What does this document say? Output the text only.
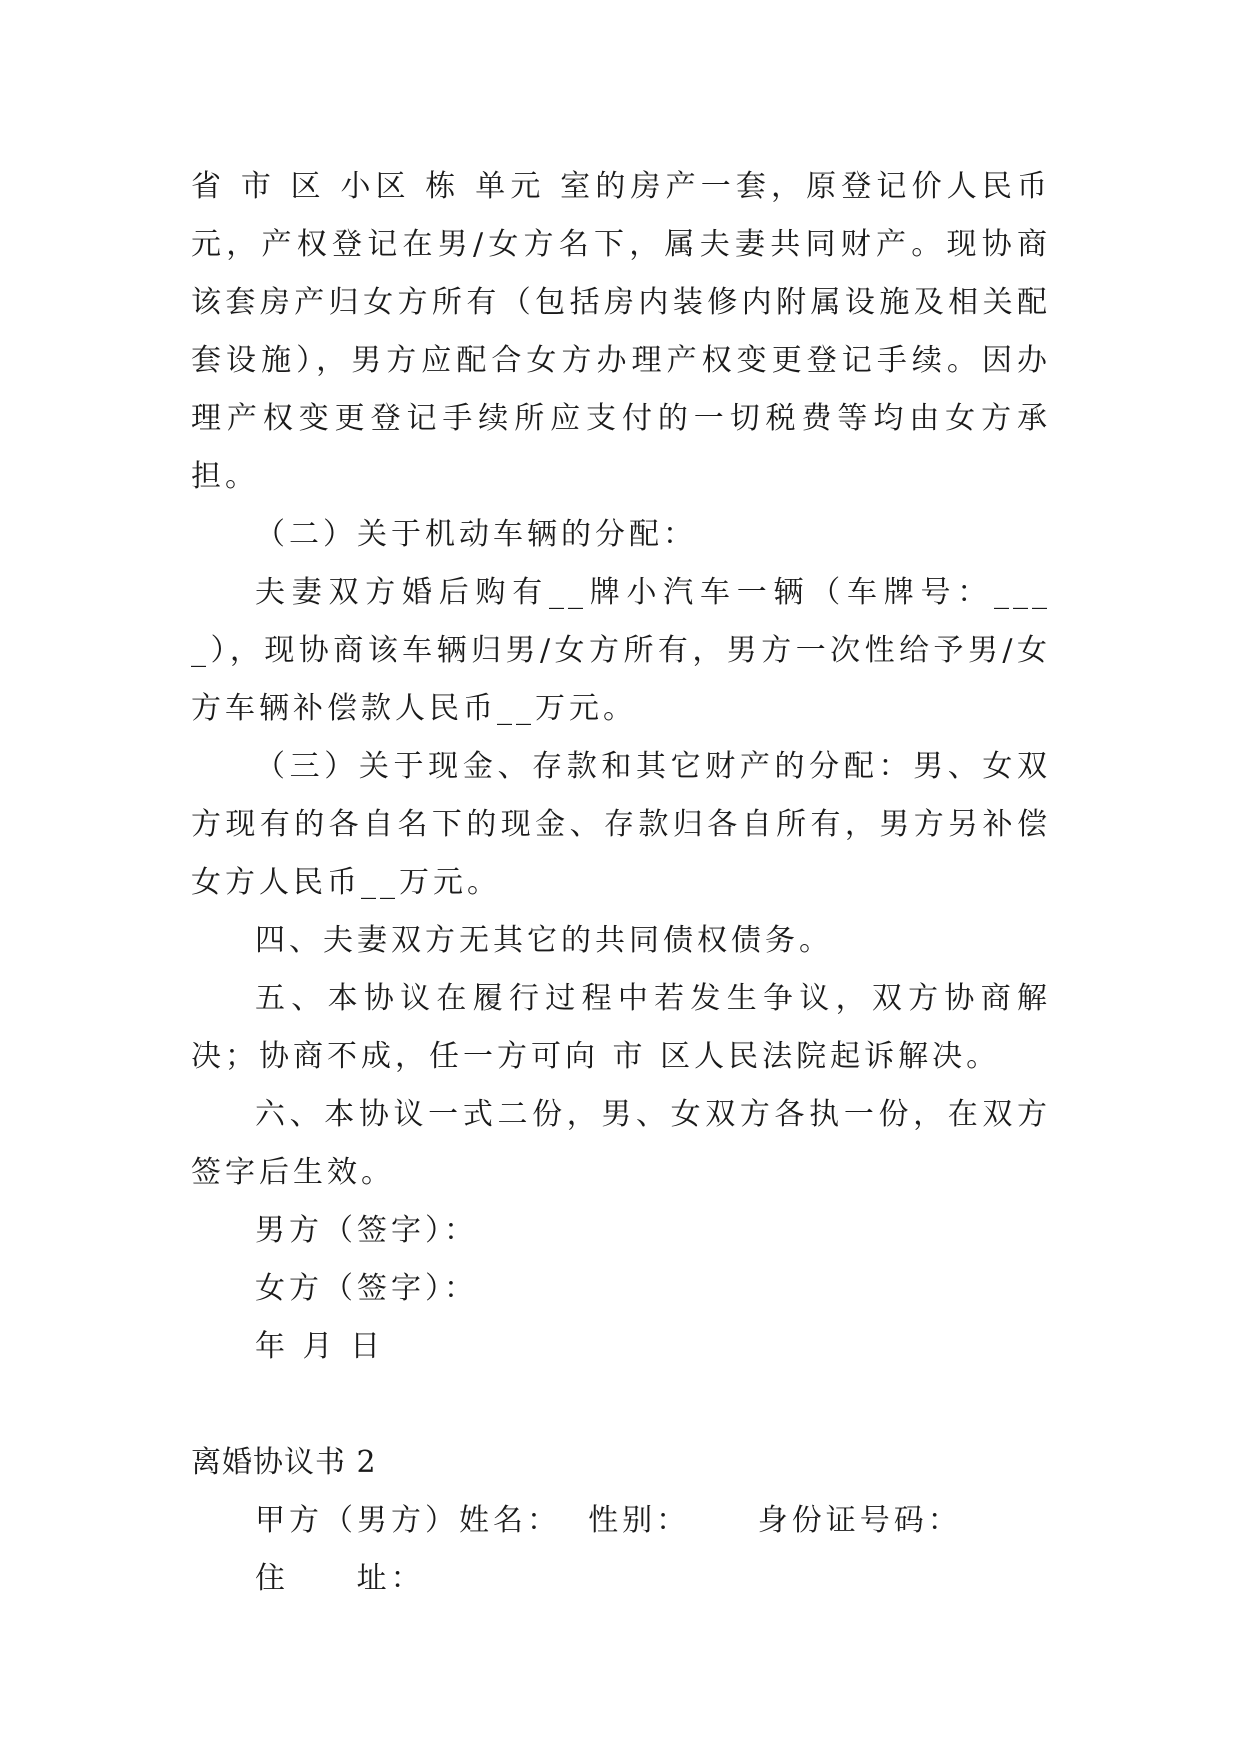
省 市 区 小区 栋 单元 室的房产一套，原登记价人民币 元，产权登记在男/女方名下，属夫妻共同财产。现协商该套房产归女方所有（包括房内装修内附属设施及相关配套设施），男方应配合女方办理产权变更登记手续。因办理产权变更登记手续所应支付的一切税费等均由女方承担。

（二）关于机动车辆的分配：

夫妻双方婚后购有__牌小汽车一辆（车牌号：____），现协商该车辆归男/女方所有，男方一次性给予男/女方车辆补偿款人民币__万元。

（三）关于现金、存款和其它财产的分配：男、女双方现有的各自名下的现金、存款归各自所有，男方另补偿女方人民币__万元。

四、夫妻双方无其它的共同债权债务。

五、本协议在履行过程中若发生争议，双方协商解决；协商不成，任一方可向 市 区人民法院起诉解决。

六、本协议一式二份，男、女双方各执一份，在双方签字后生效。

男方（签字）：

女方（签字）：

年 月 日

离婚协议书 2

甲方（男方）姓名：  性别：     身份证号码：

住     址：
